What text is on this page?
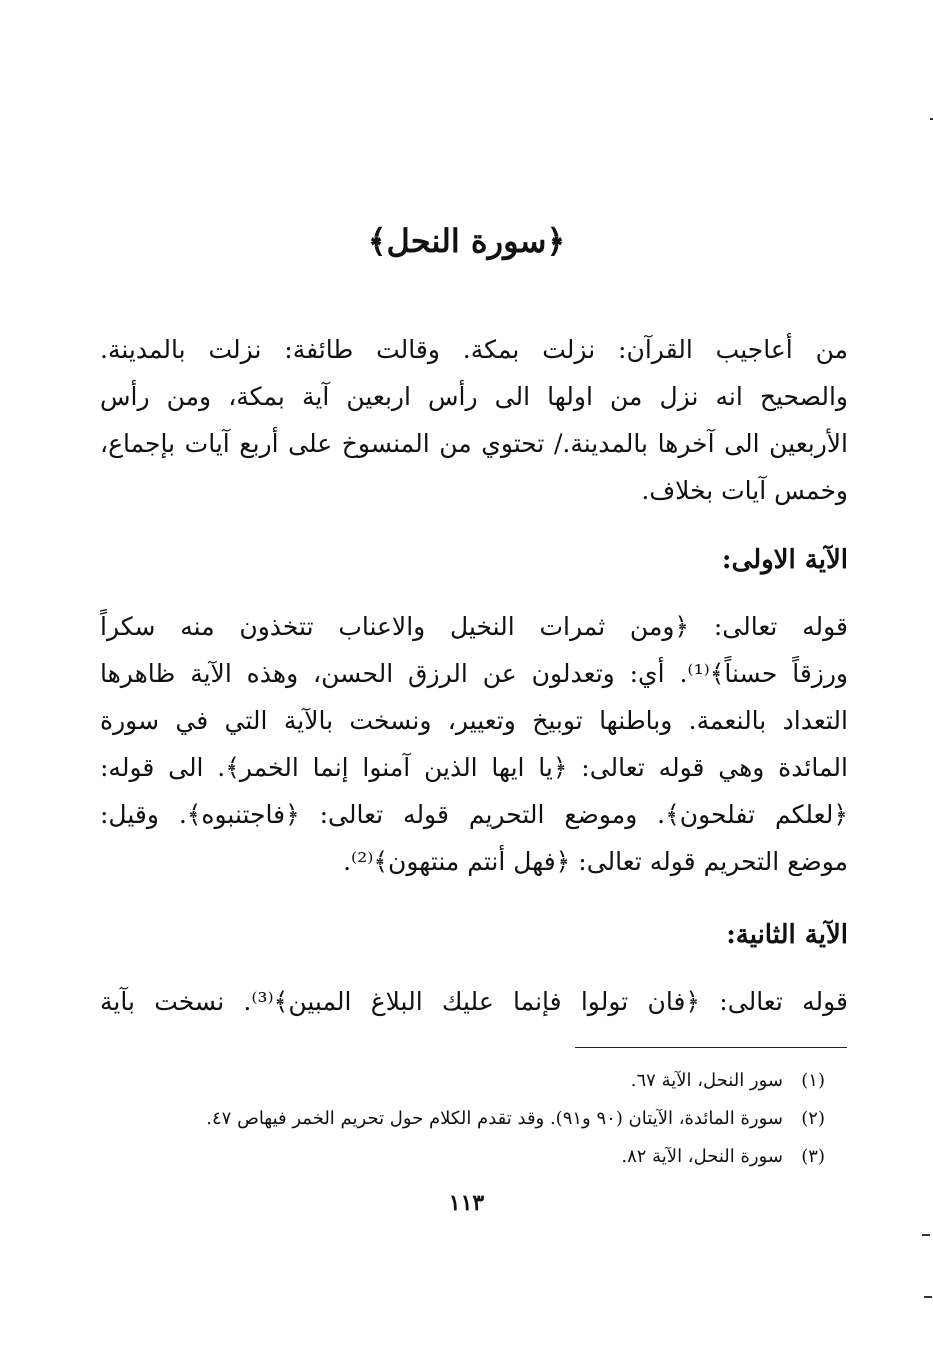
﴿سورة النحل﴾
من أعاجيب القرآن: نزلت بمكة. وقالت طائفة: نزلت بالمدينة.
والصحيح انه نزل من اولها الى رأس اربعين آية بمكة، ومن رأس
الأربعين الى آخرها بالمدينة./ تحتوي من المنسوخ على أربع آيات بإجماع،
وخمس آيات بخلاف.
الآية الاولى:
قوله تعالى: ﴿ومن ثمرات النخيل والاعناب تتخذون منه سكراً
ورزقاً حسناً﴾⁽¹⁾. أي: وتعدلون عن الرزق الحسن، وهذه الآية ظاهرها
التعداد بالنعمة. وباطنها توبيخ وتعيير، ونسخت بالآية التي في سورة
المائدة وهي قوله تعالى: ﴿يا ايها الذين آمنوا إنما الخمر﴾. الى قوله:
﴿لعلكم تفلحون﴾. وموضع التحريم قوله تعالى: ﴿فاجتنبوه﴾. وقيل:
موضع التحريم قوله تعالى: ﴿فهل أنتم منتهون﴾⁽²⁾.
الآية الثانية:
قوله تعالى: ﴿فان تولوا فإنما عليك البلاغ المبين﴾⁽³⁾. نسخت بآية
(١)سور النحل، الآية ٦٧.
(٢)سورة المائدة، الآيتان (٩٠ و٩١). وقد تقدم الكلام حول تحريم الخمر فيهاص ٤٧.
(٣)سورة النحل، الآية ٨٢.
١١٣
